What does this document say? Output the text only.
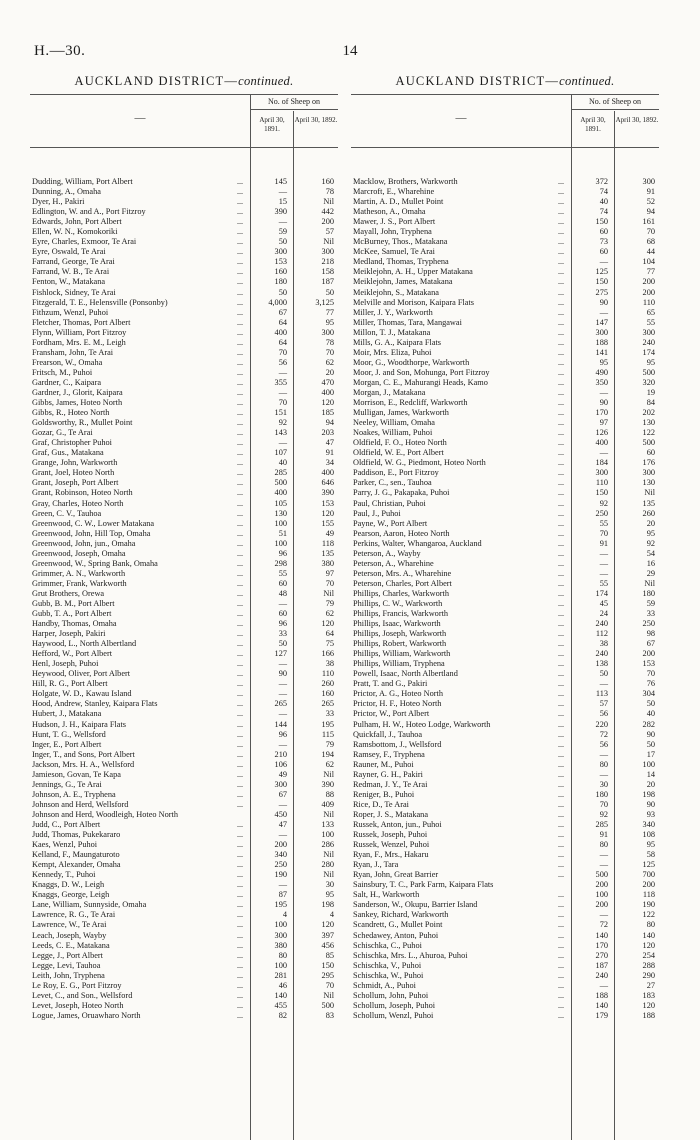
H.—30.	14
AUCKLAND DISTRICT—continued.
—
No. of Sheep on
April 30, 1891.
April 30, 1892.
Dudding, William, Port Albert	...	145	160
Dunning, A., Omaha	...	—	78
Dyer, H., Pakiri	...	15	Nil
Edlington, W. and A., Port Fitzroy	...	390	442
Edwards, John, Port Albert	...	—	200
Ellen, W. N., Komokoriki	...	59	57
Eyre, Charles, Exmoor, Te Arai	...	50	Nil
Eyre, Oswald, Te Arai	...	300	300
Farrand, George, Te Arai	...	153	218
Farrand, W. B., Te Arai	...	160	158
Fenton, W., Matakana	...	180	187
Fishlock, Sidney, Te Arai	...	50	50
Fitzgerald, T. E., Helensville (Ponsonby)	...	4,000	3,125
Fithzum, Wenzl, Puhoi	...	67	77
Fletcher, Thomas, Port Albert	...	64	95
Flynn, William, Port Fitzroy	...	400	300
Fordham, Mrs. E. M., Leigh	...	64	78
Fransham, John, Te Arai	...	70	70
Frearson, W., Omaha	...	56	62
Fritsch, M., Puhoi	...	—	20
Gardner, C., Kaipara	...	355	470
Gardner, J., Glorit, Kaipara	...	—	400
Gibbs, James, Hoteo North	...	70	120
Gibbs, R., Hoteo North	...	151	185
Goldsworthy, R., Mullet Point	...	92	94
Gozar, G., Te Arai	...	143	203
Graf, Christopher Puhoi	...	—	47
Graf, Gus., Matakana	...	107	91
Grange, John, Warkworth	...	40	34
Grant, Joel, Hoteo North	...	285	400
Grant, Joseph, Port Albert	...	500	646
Grant, Robinson, Hoteo North	...	400	390
Gray, Charles, Hoteo North	...	105	153
Green, C. V., Tauhoa	...	130	120
Greenwood, C. W., Lower Matakana	...	100	155
Greenwood, John, Hill Top, Omaha	...	51	49
Greenwood, John, jun., Omaha	...	100	118
Greenwood, Joseph, Omaha	...	96	135
Greenwood, W., Spring Bank, Omaha	...	298	380
Grimmer, A. N., Warkworth	...	55	97
Grimmer, Frank, Warkworth	...	60	70
Grut Brothers, Orewa	...	48	Nil
Gubb, B. M., Port Albert	...	—	79
Gubb, T. A., Port Albert	...	60	62
Handby, Thomas, Omaha	...	96	120
Harper, Joseph, Pakiri	...	33	64
Haywood, L., North Albertland	...	50	75
Hefford, W., Port Albert	...	127	166
Henl, Joseph, Puhoi	...	—	38
Heywood, Oliver, Port Albert	...	90	110
Hill, R. G., Port Albert	...	—	260
Holgate, W. D., Kawau Island	...	—	160
Hood, Andrew, Stanley, Kaipara Flats	...	265	265
Hubert, J., Matakana	...	—	33
Hudson, J. H., Kaipara Flats	...	144	195
Hunt, T. G., Wellsford	...	96	115
Inger, E., Port Albert	...	—	79
Inger, T., and Sons, Port Albert	...	210	194
Jackson, Mrs. H. A., Wellsford	...	106	62
Jamieson, Govan, Te Kapa	...	49	Nil
Jennings, G., Te Arai	...	300	390
Johnson, A. E., Tryphena	...	67	88
Johnson and Herd, Wellsford	...	—	409
Johnson and Herd, Woodleigh, Hoteo North	450	Nil
Judd, C., Port Albert	...	47	133
Judd, Thomas, Pukekararo	...	—	100
Kaes, Wenzl, Puhoi	...	200	286
Kelland, F., Maungaturoto	...	340	Nil
Kempt, Alexander, Omaha	...	250	280
Kennedy, T., Puhoi	...	190	Nil
Knaggs, D. W., Leigh	...	—	30
Knaggs, George, Leigh	...	87	95
Lane, William, Sunnyside, Omaha	...	195	198
Lawrence, R. G., Te Arai	...	4	4
Lawrence, W., Te Arai	...	100	120
Leach, Joseph, Wayby	...	300	397
Leeds, C. E., Matakana	...	380	456
Legge, J., Port Albert	...	80	85
Legge, Levi, Tauhoa	...	100	150
Leith, John, Tryphena	...	281	295
Le Roy, E. G., Port Fitzroy	...	46	70
Levet, C., and Son., Wellsford	...	140	Nil
Levet, Joseph, Hoteo North	...	455	500
Logue, James, Oruawharo North	...	82	83
AUCKLAND DISTRICT—continued.
—
No. of Sheep on
April 30, 1891.
April 30, 1892.
Macklow, Brothers, Warkworth	...	372	300
Marcroft, E., Wharehine	...	74	91
Martin, A. D., Mullet Point	...	40	52
Matheson, A., Omaha	...	74	94
Mawer, J. S., Port Albert	...	150	161
Mayall, John, Tryphena	...	60	70
McBurney, Thos., Matakana	...	73	68
McKee, Samuel, Te Arai	...	60	44
Medland, Thomas, Tryphena	...	—	104
Meiklejohn, A. H., Upper Matakana	...	125	77
Meiklejohn, James, Matakana	...	150	200
Meiklejohn, S., Matakana	...	275	200
Melville and Morison, Kaipara Flats	...	90	110
Miller, J. Y., Warkworth	...	—	65
Miller, Thomas, Tara, Mangawai	...	147	55
Millon, T. J., Matakana	...	300	300
Mills, G. A., Kaipara Flats	...	188	240
Moir, Mrs. Eliza, Puhoi	...	141	174
Moor, G., Woodthorpe, Warkworth	...	95	95
Moor, J. and Son, Mohunga, Port Fitzroy	...	490	500
Morgan, C. E., Mahurangi Heads, Kamo	...	350	320
Morgan, J., Matakana	...	—	19
Morrison, E., Redcliff, Warkworth	...	90	84
Mulligan, James, Warkworth	...	170	202
Neeley, William, Omaha	...	97	130
Noakes, William, Puhoi	...	126	122
Oldfield, F. O., Hoteo North	...	400	500
Oldfield, W. E., Port Albert	...	—	60
Oldfield, W. G., Piedmont, Hoteo North	...	184	176
Paddison, E., Port Fitzroy	...	300	300
Parker, C., sen., Tauhoa	...	110	130
Parry, J. G., Pakapaka, Puhoi	...	150	Nil
Paul, Christian, Puhoi	...	92	135
Paul, J., Puhoi	...	250	260
Payne, W., Port Albert	...	55	20
Pearson, Aaron, Hoteo North	...	70	95
Perkins, Walter, Whangaroa, Auckland	...	91	92
Peterson, A., Wayby	...	—	54
Peterson, A., Wharehine	...	—	16
Peterson, Mrs. A., Wharehine	...	—	29
Peterson, Charles, Port Albert	...	55	Nil
Phillips, Charles, Warkworth	...	174	180
Phillips, C. W., Warkworth	...	45	59
Phillips, Francis, Warkworth	...	24	33
Phillips, Isaac, Warkworth	...	240	250
Phillips, Joseph, Warkworth	...	112	98
Phillips, Robert, Warkworth	...	38	67
Phillips, William, Warkworth	...	240	200
Phillips, William, Tryphena	...	138	153
Powell, Isaac, North Albertland	...	50	70
Pratt, T. and G., Pakiri	...	—	76
Prictor, A. G., Hoteo North	...	113	304
Prictor, H. F., Hoteo North	...	57	50
Prictor, W., Port Albert	...	56	40
Pulham, H. W., Hoteo Lodge, Warkworth	...	220	282
Quickfall, J., Tauhoa	...	72	90
Ramsbottom, J., Wellsford	...	56	50
Ramsey, F., Tryphena	...	—	17
Rauner, M., Puhoi	...	80	100
Rayner, G. H., Pakiri	...	—	14
Redman, J. Y., Te Arai	...	30	20
Reniger, B., Puhoi	...	180	198
Rice, D., Te Arai	...	70	90
Roper, J. S., Matakana	...	92	93
Russek, Anton, jun., Puhoi	...	285	340
Russek, Joseph, Puhoi	...	91	108
Russek, Wenzel, Puhoi	...	80	95
Ryan, F., Mrs., Hakaru	...	—	58
Ryan, J., Tara	...	—	125
Ryan, John, Great Barrier	...	500	700
Sainsbury, T. C., Park Farm, Kaipara Flats	200	200
Salt, H., Warkworth	...	100	118
Sanderson, W., Okupu, Barrier Island	...	200	190
Sankey, Richard, Warkworth	...	—	122
Scandrett, G., Mullet Point	...	72	80
Schedawey, Anton, Puhoi	...	140	140
Schischka, C., Puhoi	...	170	120
Schischka, Mrs. L., Ahuroa, Puhoi	...	270	254
Schischka, V., Puhoi	...	187	288
Schischka, W., Puhoi	...	240	290
Schmidt, A., Puhoi	...	—	27
Schollum, John, Puhoi	...	188	183
Schollum, Joseph, Puhoi	...	140	120
Schollum, Wenzl, Puhoi	...	179	188
